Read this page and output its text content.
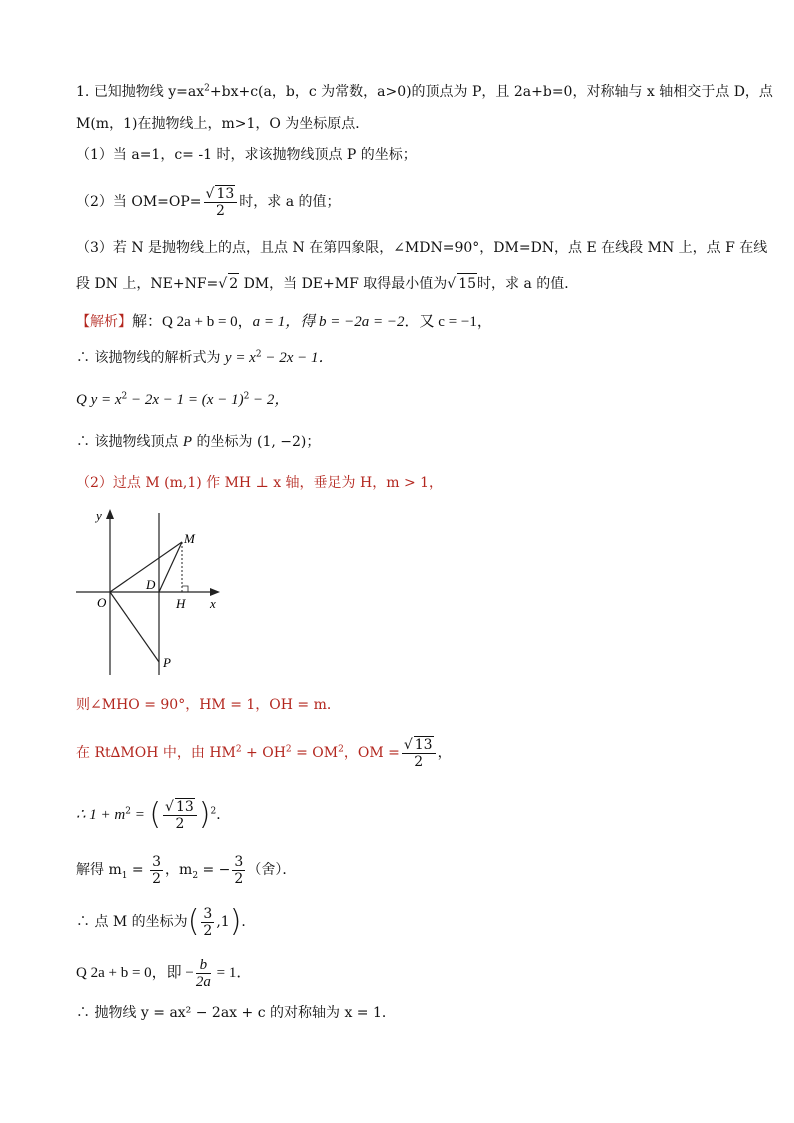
1. 已知抛物线 $y=ax^2+bx+c(a$，b，c 为常数，a>0)的顶点为 P，且 2a+b=0，对称轴与 x 轴相交于点 D，点
M(m，1)在抛物线上，m>1，O 为坐标原点．
（1）当 a=1，c= -1 时，求该抛物线顶点 P 的坐标；
（2）当 $OM=OP= \frac{√ 13}{2}$ 时，求 a 的值；
（3）若 N 是抛物线上的点，且点 N 在第四象限，∠MDN=90°，DM=DN，点 E 在线段 MN 上，点 F 在线
段 DN 上，NE+NF=√ 2 DM，当 DE+MF 取得最小值为√ 15时，求 a 的值．
【解析】解：Q 2a + b = 0，a = 1，得 b = −2a = −2．又 c = −1，
∴ 该抛物线的解析式为 $y = x^2 - 2x - 1$．
Q $y = x^2 - 2x - 1 = (x - 1)^2 - 2$，
∴ 该抛物线顶点 P 的坐标为 (1, −2)；
（2）过点 M (m,1) 作 MH ⊥ x 轴，垂足为 H，m > 1，
y
x
O
D
H
M
P
则∠MHO = 90°，HM = 1，OH = m．
在 Rt∆MOH 中，由 $HM^2 + OH^2 = OM^2$，OM = $\frac{√ 13}{2}$ ，
∴ $1 + m^2$ = ( $\frac{√ 13}{2} )^2$．
解得 $m_1 = \frac{3}{2}$ ，$m_2$ = − $\frac{3}{2}$ （舍）．
∴ 点 M 的坐标为( $\frac{3}{2} ,1$)．
Q 2a + b = 0，即 − $\frac{b}{2a} = 1$．
∴ 抛物线 y = ax² − 2ax + c 的对称轴为 x = 1．
